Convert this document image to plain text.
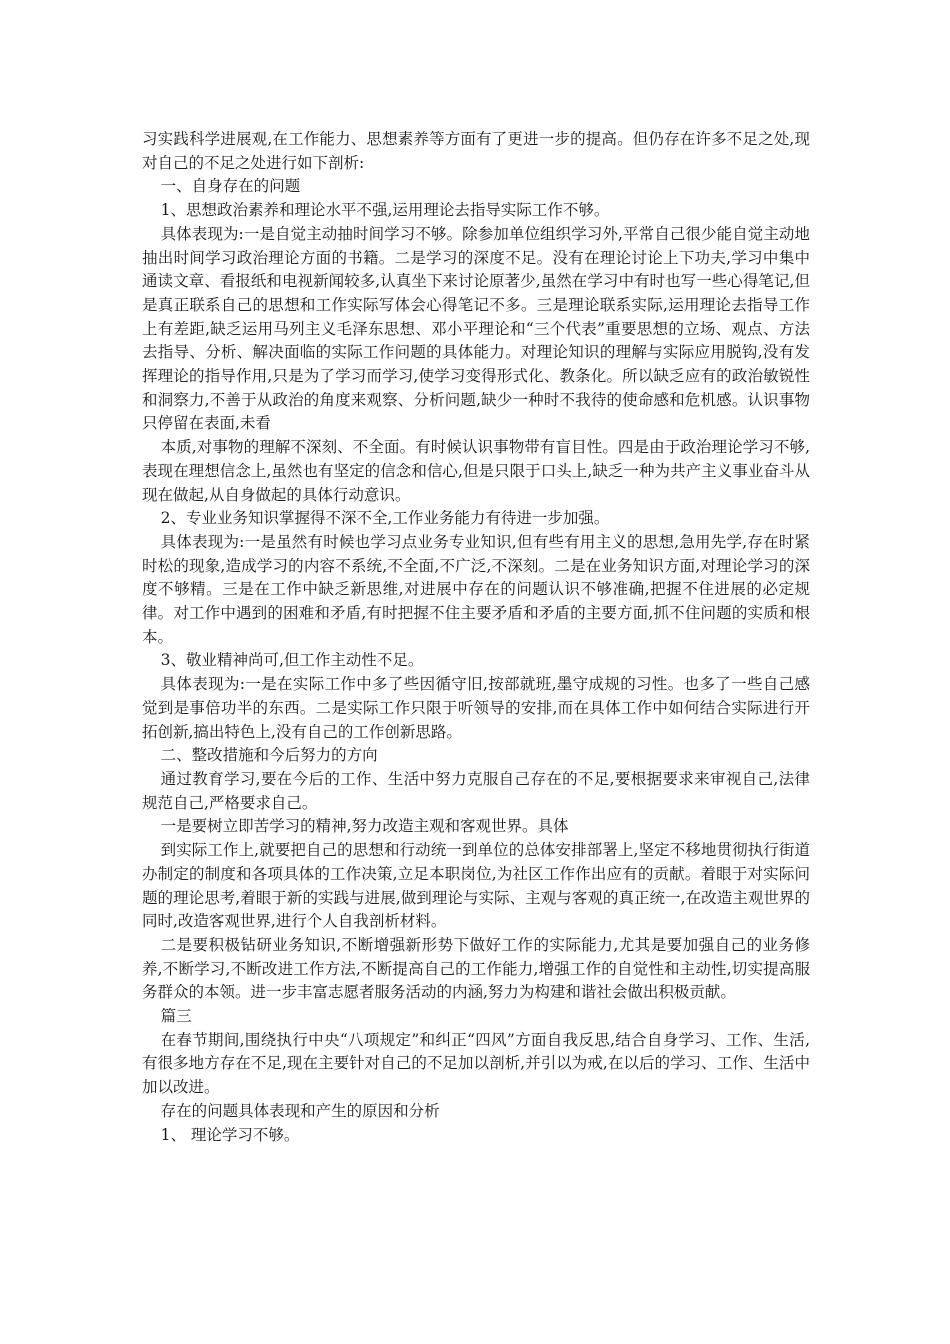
习实践科学进展观,在工作能力、思想素养等方面有了更进一步的提高。但仍存在许多不足之处,现对自己的不足之处进行如下剖析:

一、自身存在的问题

1、思想政治素养和理论水平不强,运用理论去指导实际工作不够。

具体表现为:一是自觉主动抽时间学习不够。除参加单位组织学习外,平常自己很少能自觉主动地抽出时间学习政治理论方面的书籍。二是学习的深度不足。没有在理论讨论上下功夫,学习中集中通读文章、看报纸和电视新闻较多,认真坐下来讨论原著少,虽然在学习中有时也写一些心得笔记,但是真正联系自己的思想和工作实际写体会心得笔记不多。三是理论联系实际,运用理论去指导工作上有差距,缺乏运用马列主义毛泽东思想、邓小平理论和“三个代表”重要思想的立场、观点、方法去指导、分析、解决面临的实际工作问题的具体能力。对理论知识的理解与实际应用脱钩,没有发挥理论的指导作用,只是为了学习而学习,使学习变得形式化、教条化。所以缺乏应有的政治敏锐性和洞察力,不善于从政治的角度来观察、分析问题,缺少一种时不我待的使命感和危机感。认识事物只停留在表面,未看

本质,对事物的理解不深刻、不全面。有时候认识事物带有盲目性。四是由于政治理论学习不够,表现在理想信念上,虽然也有坚定的信念和信心,但是只限于口头上,缺乏一种为共产主义事业奋斗从现在做起,从自身做起的具体行动意识。

2、专业业务知识掌握得不深不全,工作业务能力有待进一步加强。

具体表现为:一是虽然有时候也学习点业务专业知识,但有些有用主义的思想,急用先学,存在时紧时松的现象,造成学习的内容不系统,不全面,不广泛,不深刻。二是在业务知识方面,对理论学习的深度不够精。三是在工作中缺乏新思维,对进展中存在的问题认识不够准确,把握不住进展的必定规律。对工作中遇到的困难和矛盾,有时把握不住主要矛盾和矛盾的主要方面,抓不住问题的实质和根本。

3、敬业精神尚可,但工作主动性不足。

具体表现为:一是在实际工作中多了些因循守旧,按部就班,墨守成规的习性。也多了一些自己感觉到是事倍功半的东西。二是实际工作只限于听领导的安排,而在具体工作中如何结合实际进行开拓创新,搞出特色上,没有自己的工作创新思路。

二、整改措施和今后努力的方向

通过教育学习,要在今后的工作、生活中努力克服自己存在的不足,要根据要求来审视自己,法律规范自己,严格要求自己。

一是要树立即苦学习的精神,努力改造主观和客观世界。具体

到实际工作上,就要把自己的思想和行动统一到单位的总体安排部署上,坚定不移地贯彻执行街道办制定的制度和各项具体的工作决策,立足本职岗位,为社区工作作出应有的贡献。着眼于对实际问题的理论思考,着眼于新的实践与进展,做到理论与实际、主观与客观的真正统一,在改造主观世界的同时,改造客观世界,进行个人自我剖析材料。

二是要积极钻研业务知识,不断增强新形势下做好工作的实际能力,尤其是要加强自己的业务修养,不断学习,不断改进工作方法,不断提高自己的工作能力,增强工作的自觉性和主动性,切实提高服务群众的本领。进一步丰富志愿者服务活动的内涵,努力为构建和谐社会做出积极贡献。

篇三

在春节期间,围绕执行中央“八项规定”和纠正“四风”方面自我反思,结合自身学习、工作、生活, 有很多地方存在不足,现在主要针对自己的不足加以剖析,并引以为戒,在以后的学习、工作、生活中加以改进。

存在的问题具体表现和产生的原因和分析

1、 理论学习不够。
